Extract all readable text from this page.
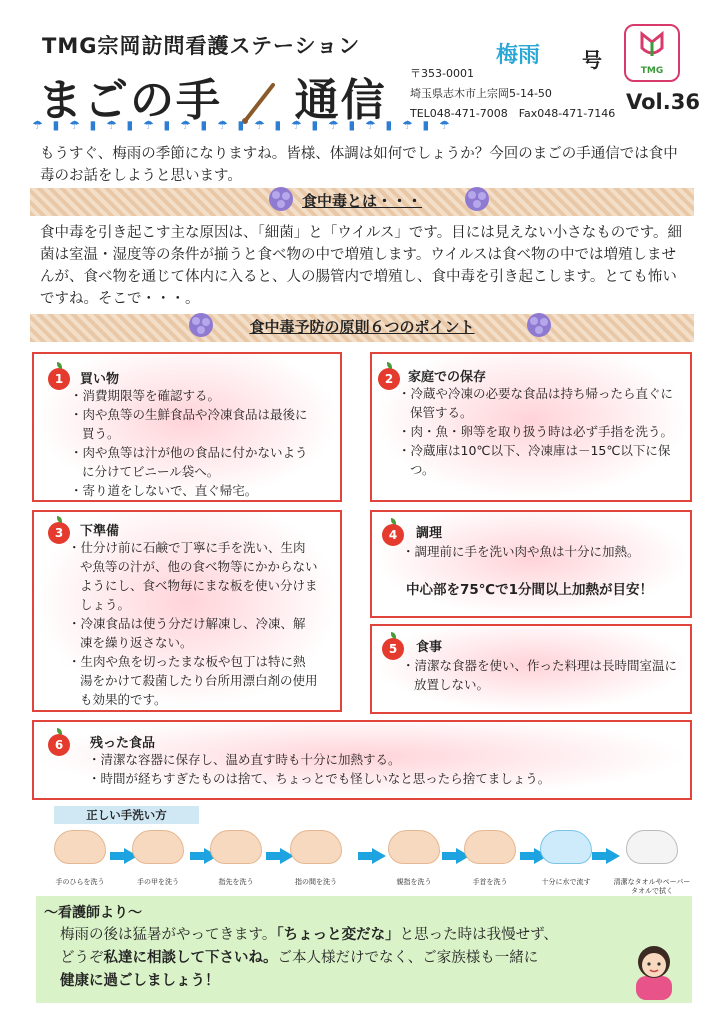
TMG宗岡訪問看護ステーション
まごの手 通信
梅雨 号	TMG
Vol.36
〒353-0001
埼玉県志木市上宗岡5-14-50
TEL048-471-7008　Fax048-471-7146
☂ ▮ ☂ ▮ ☂ ▮ ☂ ▮ ☂ ▮ ☂ ▮ ☂ ▮ ☂ ▮ ☂ ▮ ☂ ▮ ☂ ▮ ☂
もうすぐ、梅雨の季節になりますね。皆様、体調は如何でしょうか？今回のまごの手通信では食中毒のお話をしようと思います。
食中毒とは・・・
食中毒を引き起こす主な原因は、「細菌」と「ウイルス」です。目には見えない小さなものです。細菌は室温・湿度等の条件が揃うと食べ物の中で増殖します。ウイルスは食べ物の中では増殖しませんが、食べ物を通じて体内に入ると、人の腸管内で増殖し、食中毒を引き起こします。とても怖いですね。そこで・・・。
食中毒予防の原則６つのポイント
1	買い物
・ 消費期限等を確認する。
・ 肉や魚等の生鮮食品や冷凍食品は最後に買う。
・ 肉や魚等は汁が他の食品に付かないように分けてビニール袋へ。
・ 寄り道をしないで、直ぐ帰宅。
2	家庭での保存
・ 冷蔵や冷凍の必要な食品は持ち帰ったら直ぐに保管する。
・ 肉・魚・卵等を取り扱う時は必ず手指を洗う。
・ 冷蔵庫は10℃以下、冷凍庫は－15℃以下に保つ。
3	下準備
・ 仕分け前に石鹸で丁寧に手を洗い、生肉や魚等の汁が、他の食べ物等にかからないようにし、食べ物毎にまな板を使い分けましょう。
・ 冷凍食品は使う分だけ解凍し、冷凍、解凍を繰り返さない。
・ 生肉や魚を切ったまな板や包丁は特に熱湯をかけて殺菌したり台所用漂白剤の使用も効果的です。
4	調理
・ 調理前に手を洗い肉や魚は十分に加熱。
中心部を75℃で1分間以上加熱が目安！
5	食事
・ 清潔な食器を使い、作った料理は長時間室温に放置しない。
6	残った食品
・ 清潔な容器に保存し、温め直す時も十分に加熱する。
・ 時間が経ちすぎたものは捨て、ちょっとでも怪しいなと思ったら捨てましょう。
正しい手洗い方
手のひらを洗う	手の甲を洗う	指先を洗う	指の間を洗う	親指を洗う	手首を洗う	十分に水で流す	清潔なタオルやペーパータオルで拭く
～看護師より～
梅雨の後は猛暑がやってきます。「ちょっと変だな」と思った時は我慢せず、
どうぞ私達に相談して下さいね。ご本人様だけでなく、ご家族様も一緒に
健康に過ごしましょう！
